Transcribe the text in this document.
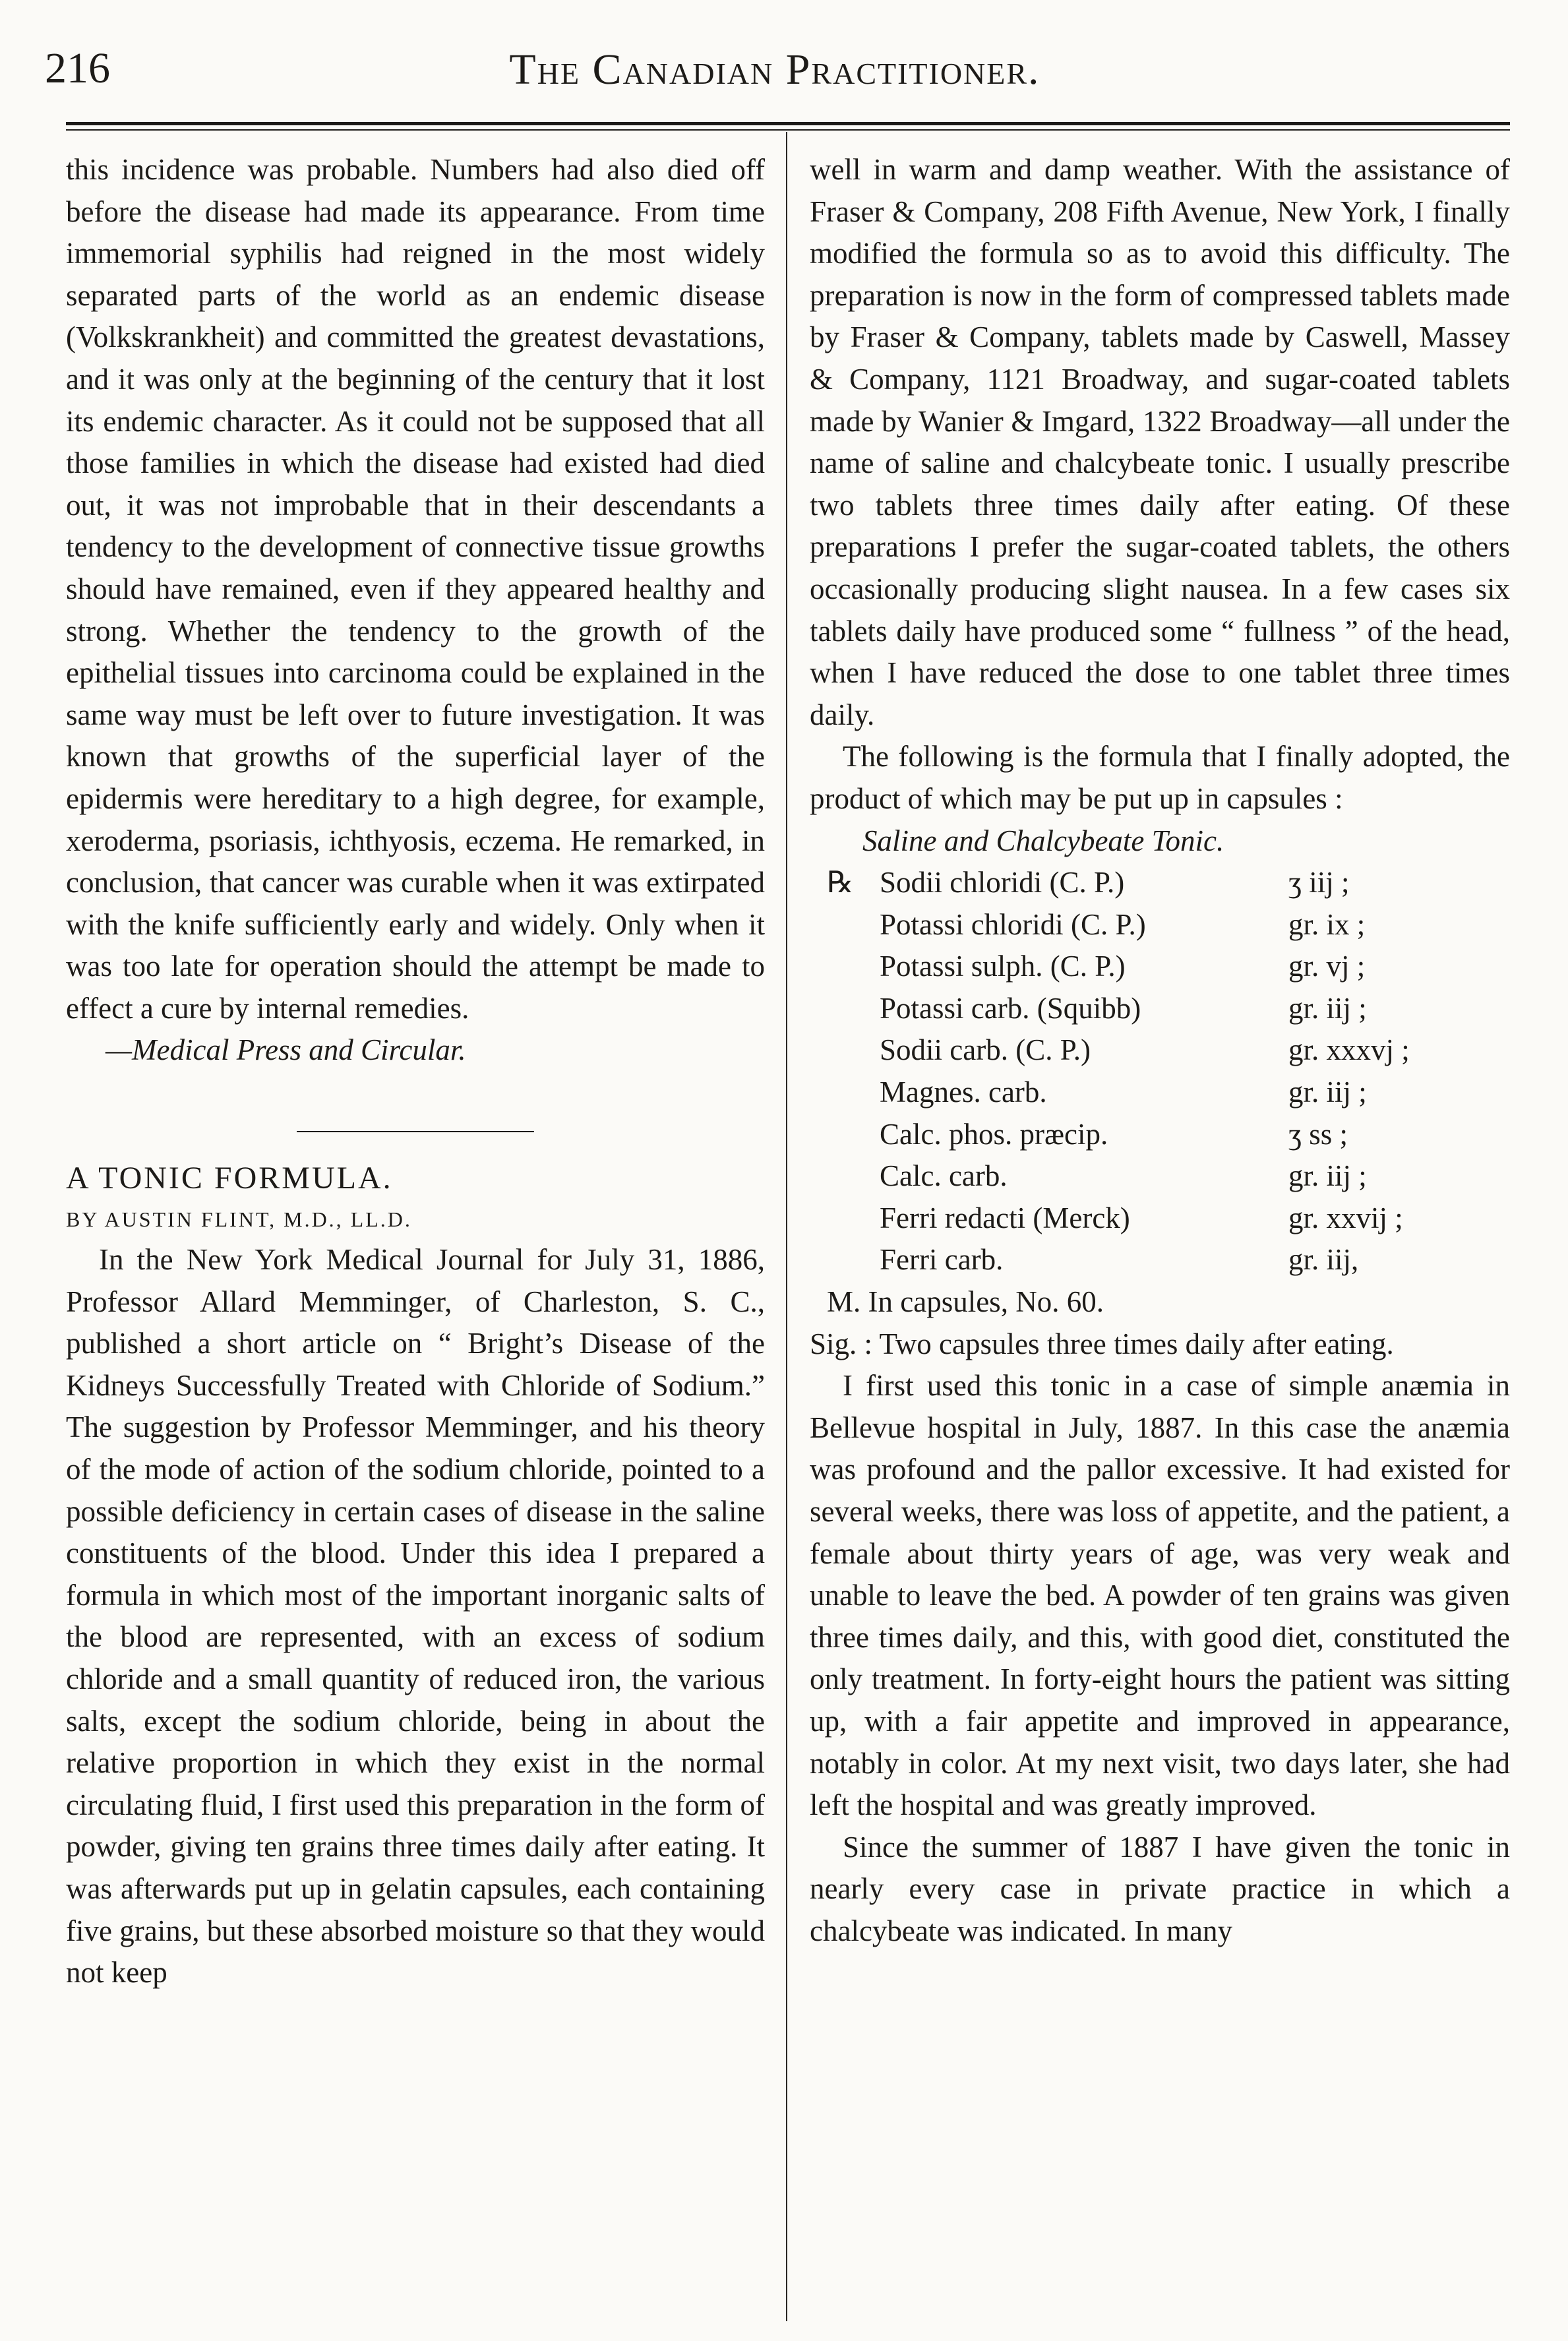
216	The Canadian Practitioner.

this incidence was probable. Numbers had also died off before the disease had made its appearance. From time immemorial syphilis had reigned in the most widely separated parts of the world as an endemic disease (Volkskrankheit) and committed the greatest devastations, and it was only at the beginning of the century that it lost its endemic character. As it could not be supposed that all those families in which the disease had existed had died out, it was not improbable that in their descendants a tendency to the development of connective tissue growths should have remained, even if they appeared healthy and strong. Whether the tendency to the growth of the epithelial tissues into carcinoma could be explained in the same way must be left over to future investigation. It was known that growths of the superficial layer of the epidermis were hereditary to a high degree, for example, xeroderma, psoriasis, ichthyosis, eczema. He remarked, in conclusion, that cancer was curable when it was extirpated with the knife sufficiently early and widely. Only when it was too late for operation should the attempt be made to effect a cure by internal remedies.

—Medical Press and Circular.

A TONIC FORMULA.

BY AUSTIN FLINT, M.D., LL.D.

In the New York Medical Journal for July 31, 1886, Professor Allard Memminger, of Charleston, S. C., published a short article on “ Bright’s Disease of the Kidneys Successfully Treated with Chloride of Sodium.” The suggestion by Professor Memminger, and his theory of the mode of action of the sodium chloride, pointed to a possible deficiency in certain cases of disease in the saline constituents of the blood. Under this idea I prepared a formula in which most of the important inorganic salts of the blood are represented, with an excess of sodium chloride and a small quantity of reduced iron, the various salts, except the sodium chloride, being in about the relative proportion in which they exist in the normal circulating fluid, I first used this preparation in the form of powder, giving ten grains three times daily after eating. It was afterwards put up in gelatin capsules, each containing five grains, but these absorbed moisture so that they would not keep

well in warm and damp weather. With the assistance of Fraser & Company, 208 Fifth Avenue, New York, I finally modified the formula so as to avoid this difficulty. The preparation is now in the form of compressed tablets made by Fraser & Company, tablets made by Caswell, Massey & Company, 1121 Broadway, and sugar-coated tablets made by Wanier & Imgard, 1322 Broadway—all under the name of saline and chalcybeate tonic. I usually prescribe two tablets three times daily after eating. Of these preparations I prefer the sugar-coated tablets, the others occasionally producing slight nausea. In a few cases six tablets daily have produced some “ fullness ” of the head, when I have reduced the dose to one tablet three times daily.

The following is the formula that I finally adopted, the product of which may be put up in capsules :

Saline and Chalcybeate Tonic.

℞ Sodii chloridi (C. P.)	ʒ iij ;
Potassi chloridi (C. P.)	gr. ix ;
Potassi sulph. (C. P.)	gr. vj ;
Potassi carb. (Squibb)	gr. iij ;
Sodii carb. (C. P.)	gr. xxxvj ;
Magnes. carb.	gr. iij ;
Calc. phos. præcip.	ʒ ss ;
Calc. carb.	gr. iij ;
Ferri redacti (Merck)	gr. xxvij ;
Ferri carb.	gr. iij,

M. In capsules, No. 60.

Sig. : Two capsules three times daily after eating.

I first used this tonic in a case of simple anæmia in Bellevue hospital in July, 1887. In this case the anæmia was profound and the pallor excessive. It had existed for several weeks, there was loss of appetite, and the patient, a female about thirty years of age, was very weak and unable to leave the bed. A powder of ten grains was given three times daily, and this, with good diet, constituted the only treatment. In forty-eight hours the patient was sitting up, with a fair appetite and improved in appearance, notably in color. At my next visit, two days later, she had left the hospital and was greatly improved.

Since the summer of 1887 I have given the tonic in nearly every case in private practice in which a chalcybeate was indicated. In many
